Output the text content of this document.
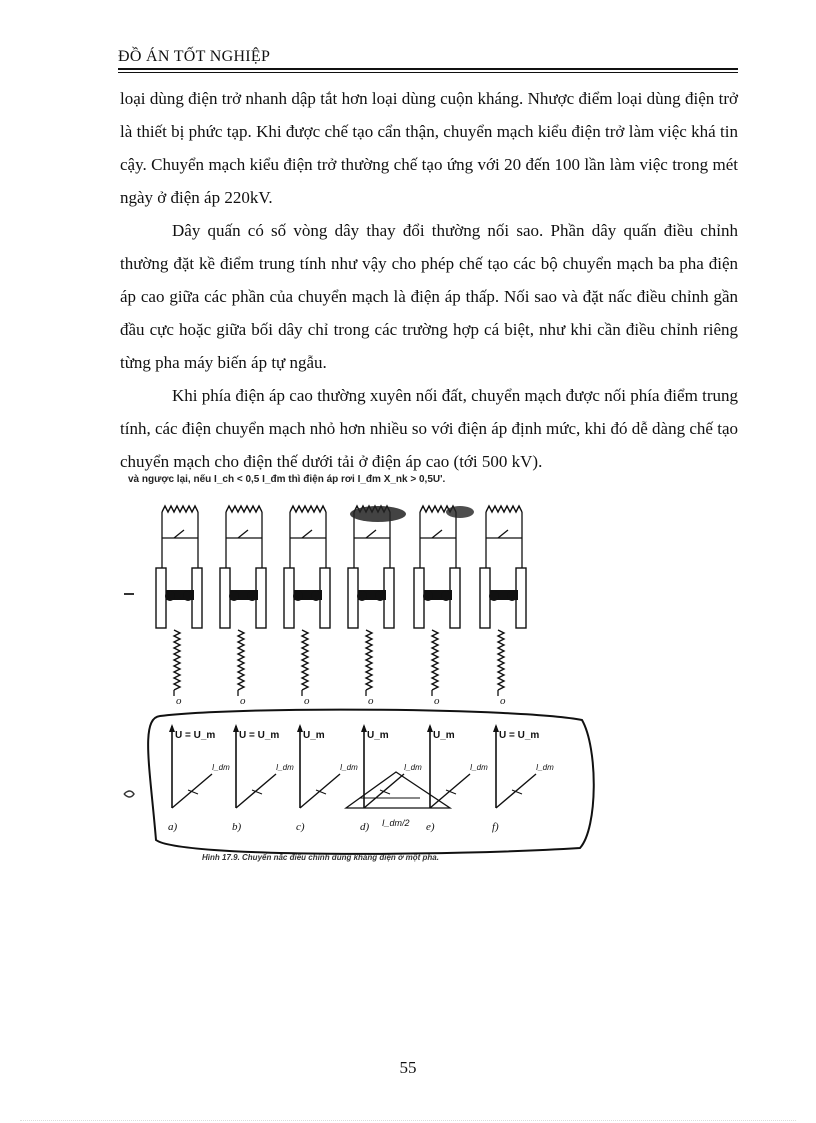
ĐỒ ÁN TỐT NGHIỆP

loại dùng điện trở nhanh dập tắt hơn loại dùng cuộn kháng. Nhược điểm loại dùng điện trở là thiết bị phức tạp. Khi được chế tạo cẩn thận, chuyển mạch kiểu điện trở làm việc khá tin cậy. Chuyển mạch kiểu điện trở thường chế tạo ứng với 20 đến 100 lần làm việc trong mét ngày ở điện áp 220kV.

Dây quấn có số vòng dây thay đổi thường nối sao. Phần dây quấn điều chỉnh thường đặt kề điểm trung tính như vậy cho phép chế tạo các bộ chuyển mạch ba pha điện áp cao giữa các phần của chuyển mạch là điện áp thấp. Nối sao và đặt nấc điều chỉnh gần đầu cực hoặc giữa bối dây chỉ trong các trường hợp cá biệt, như khi cần điều chỉnh riêng từng pha máy biến áp tự ngẫu.

Khi phía điện áp cao thường xuyên nối đất, chuyển mạch được nối phía điểm trung tính, các điện chuyển mạch nhỏ hơn nhiều so với điện áp định mức, khi đó dễ dàng chế tạo chuyển mạch cho điện thế dưới tải ở điện áp cao (tới 500 kV).

và ngược lại, nếu I_ch < 0,5 I_đm thì điện áp rơi I_đm X_nk > 0,5U'.
o	o	o	o	o	o
U = U_m
I_dm
a)
U = U_m
I_dm
b)
U_m
I_dm
c)
U_m
I_dm
d)
U_m
I_dm
e)
U = U_m
I_dm
f)
I_dm/2
Hình 17.9. Chuyển nấc điều chỉnh dùng kháng điện ở một pha.
55
